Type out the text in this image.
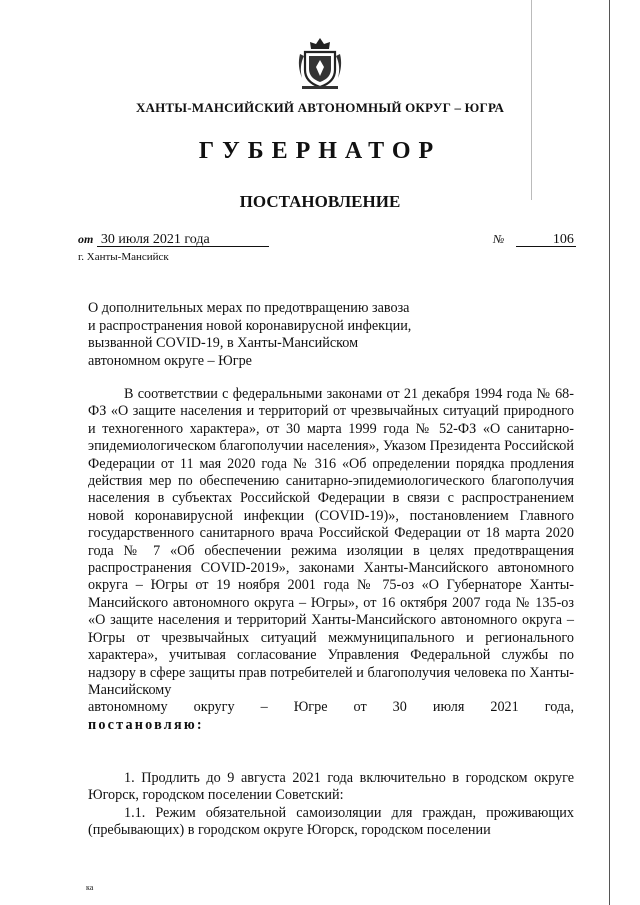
ХАНТЫ-МАНСИЙСКИЙ АВТОНОМНЫЙ ОКРУГ – ЮГРА
ГУБЕРНАТОР
ПОСТАНОВЛЕНИЕ
от 30 июля 2021 года	№	106
г. Ханты-Мансийск
О дополнительных мерах по предотвращению завоза и распространения новой коронавирусной инфекции, вызванной COVID-19, в Ханты-Мансийском автономном округе – Югре

В соответствии с федеральными законами от 21 декабря 1994 года № 68-ФЗ «О защите населения и территорий от чрезвычайных ситуаций природного и техногенного характера», от 30 марта 1999 года № 52-ФЗ «О санитарно-эпидемиологическом благополучии населения», Указом Президента Российской Федерации от 11 мая 2020 года № 316 «Об определении порядка продления действия мер по обеспечению санитарно-эпидемиологического благополучия населения в субъектах Российской Федерации в связи с распространением новой коронавирусной инфекции (COVID-19)», постановлением Главного государственного санитарного врача Российской Федерации от 18 марта 2020 года № 7 «Об обеспечении режима изоляции в целях предотвращения распространения COVID-2019», законами Ханты-Мансийского автономного округа – Югры от 19 ноября 2001 года № 75-оз «О Губернаторе Ханты-Мансийского автономного округа – Югры», от 16 октября 2007 года № 135-оз «О защите населения и территорий Ханты-Мансийского автономного округа – Югры от чрезвычайных ситуаций межмуниципального и регионального характера», учитывая согласование Управления Федеральной службы по надзору в сфере защиты прав потребителей и благополучия человека по Ханты-Мансийскому

автономному округу – Югре от 30 июля 2021 года,

постановляю:

1. Продлить до 9 августа 2021 года включительно в городском округе Югорск, городском поселении Советский:

1.1. Режим обязательной самоизоляции для граждан, проживающих (пребывающих) в городском округе Югорск, городском поселении

ка
